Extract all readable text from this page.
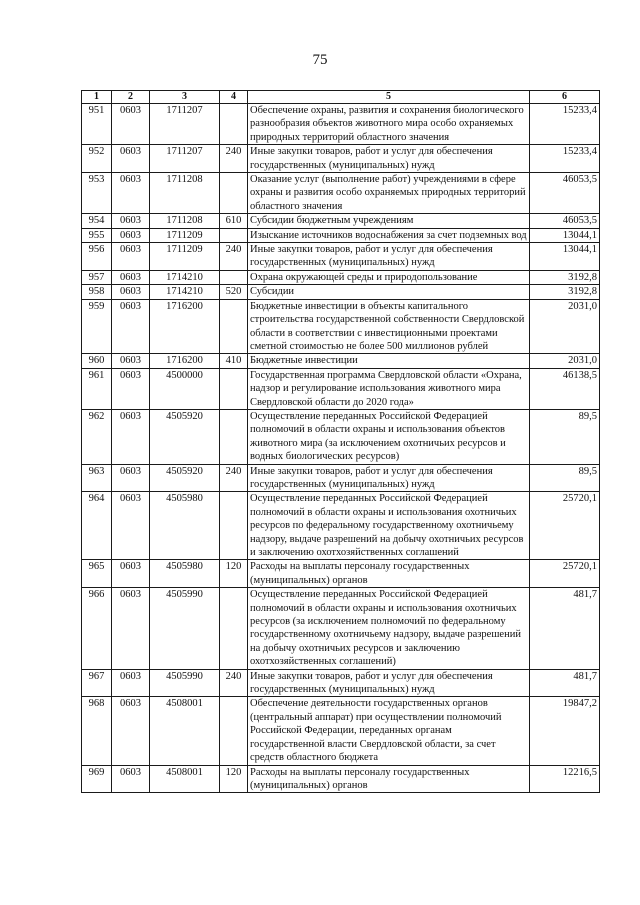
75
1	2	3	4	5	6
951	0603	1711207		Обеспечение охраны, развития и сохранения биологического разнообразия объектов животного мира особо охраняемых природных территорий областного значения	15233,4
952	0603	1711207	240	Иные закупки товаров, работ и услуг для обеспечения государственных (муниципальных) нужд	15233,4
953	0603	1711208		Оказание услуг (выполнение работ) учреждениями в сфере охраны и развития особо охраняемых природных территорий областного значения	46053,5
954	0603	1711208	610	Субсидии бюджетным учреждениям	46053,5
955	0603	1711209		Изыскание источников водоснабжения за счет подземных вод	13044,1
956	0603	1711209	240	Иные закупки товаров, работ и услуг для обеспечения государственных (муниципальных) нужд	13044,1
957	0603	1714210		Охрана окружающей среды и природопользование	3192,8
958	0603	1714210	520	Субсидии	3192,8
959	0603	1716200		Бюджетные инвестиции в объекты капитального строительства государственной собственности Свердловской области в соответствии с инвестиционными проектами сметной стоимостью не более 500 миллионов рублей	2031,0
960	0603	1716200	410	Бюджетные инвестиции	2031,0
961	0603	4500000		Государственная программа Свердловской области «Охрана, надзор и регулирование использования животного мира Свердловской области до 2020 года»	46138,5
962	0603	4505920		Осуществление переданных Российской Федерацией полномочий в области охраны и использования объектов животного мира (за исключением охотничьих ресурсов и водных биологических ресурсов)	89,5
963	0603	4505920	240	Иные закупки товаров, работ и услуг для обеспечения государственных (муниципальных) нужд	89,5
964	0603	4505980		Осуществление переданных Российской Федерацией полномочий в области охраны и использования охотничьих ресурсов по федеральному государственному охотничьему надзору, выдаче разрешений на добычу охотничьих ресурсов и заключению охотхозяйственных соглашений	25720,1
965	0603	4505980	120	Расходы на выплаты персоналу государственных (муниципальных) органов	25720,1
966	0603	4505990		Осуществление переданных Российской Федерацией полномочий в области охраны и использования охотничьих ресурсов (за исключением полномочий по федеральному государственному охотничьему надзору, выдаче разрешений на добычу охотничьих ресурсов и заключению охотхозяйственных соглашений)	481,7
967	0603	4505990	240	Иные закупки товаров, работ и услуг для обеспечения государственных (муниципальных) нужд	481,7
968	0603	4508001		Обеспечение деятельности государственных органов (центральный аппарат) при осуществлении полномочий Российской Федерации, переданных органам государственной власти Свердловской области, за счет средств областного бюджета	19847,2
969	0603	4508001	120	Расходы на выплаты персоналу государственных (муниципальных) органов	12216,5
